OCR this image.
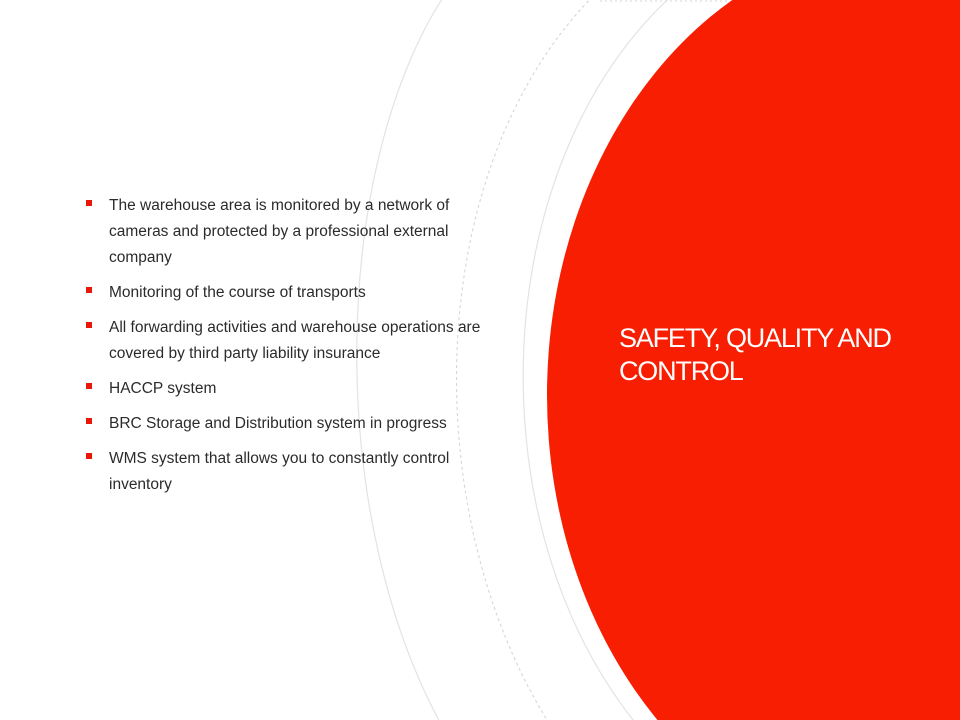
The warehouse area is monitored by a network of cameras and protected by a professional external company
Monitoring of the course of transports
All forwarding activities and warehouse operations are covered by third party liability insurance
HACCP system
BRC Storage and Distribution system in progress
WMS system that allows you to constantly control inventory
SAFETY, QUALITY AND CONTROL
